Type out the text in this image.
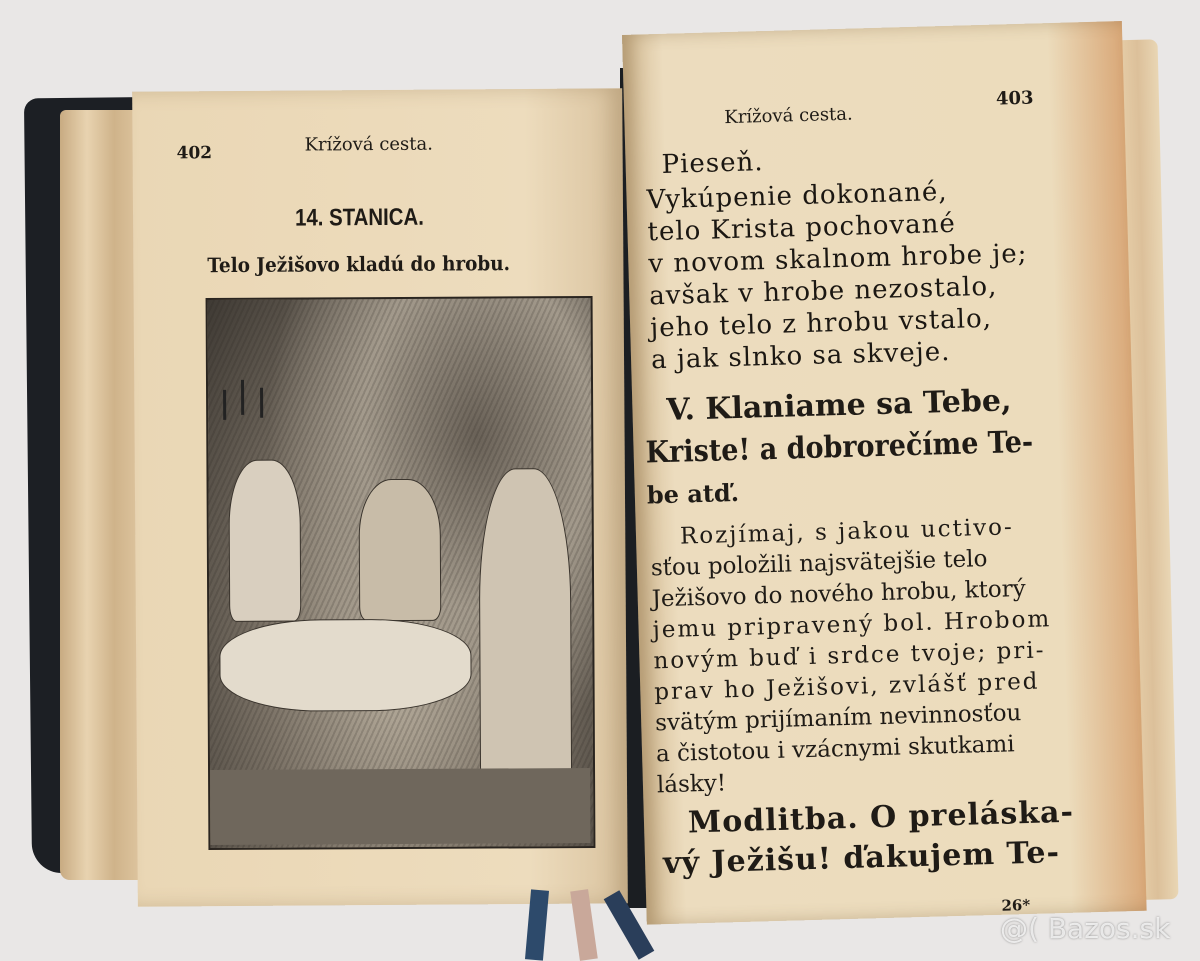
402	Krížová cesta.
14. STANICA.
Telo Ježišovo kladú do hrobu.
403
Krížová cesta.
Pieseň.
Vykúpenie dokonané,
telo Krista pochované
v novom skalnom hrobe je;
avšak v hrobe nezostalo,
jeho telo z hrobu vstalo,
a jak slnko sa skveje.
V. Klaniame sa Tebe,
Kriste! a dobrorečíme Te-
be atď.
Rozjímaj, s jakou uctivo-
sťou položili najsvätejšie telo
Ježišovo do nového hrobu, ktorý
jemu pripravený bol. Hrobom
novým buď i srdce tvoje; pri-
prav ho Ježišovi, zvlášť pred
svätým prijímaním nevinnosťou
a čistotou i vzácnymi skutkami
lásky!
Modlitba. O preláska-
vý Ježišu! ďakujem Te-
26*
@( Bazos.sk
